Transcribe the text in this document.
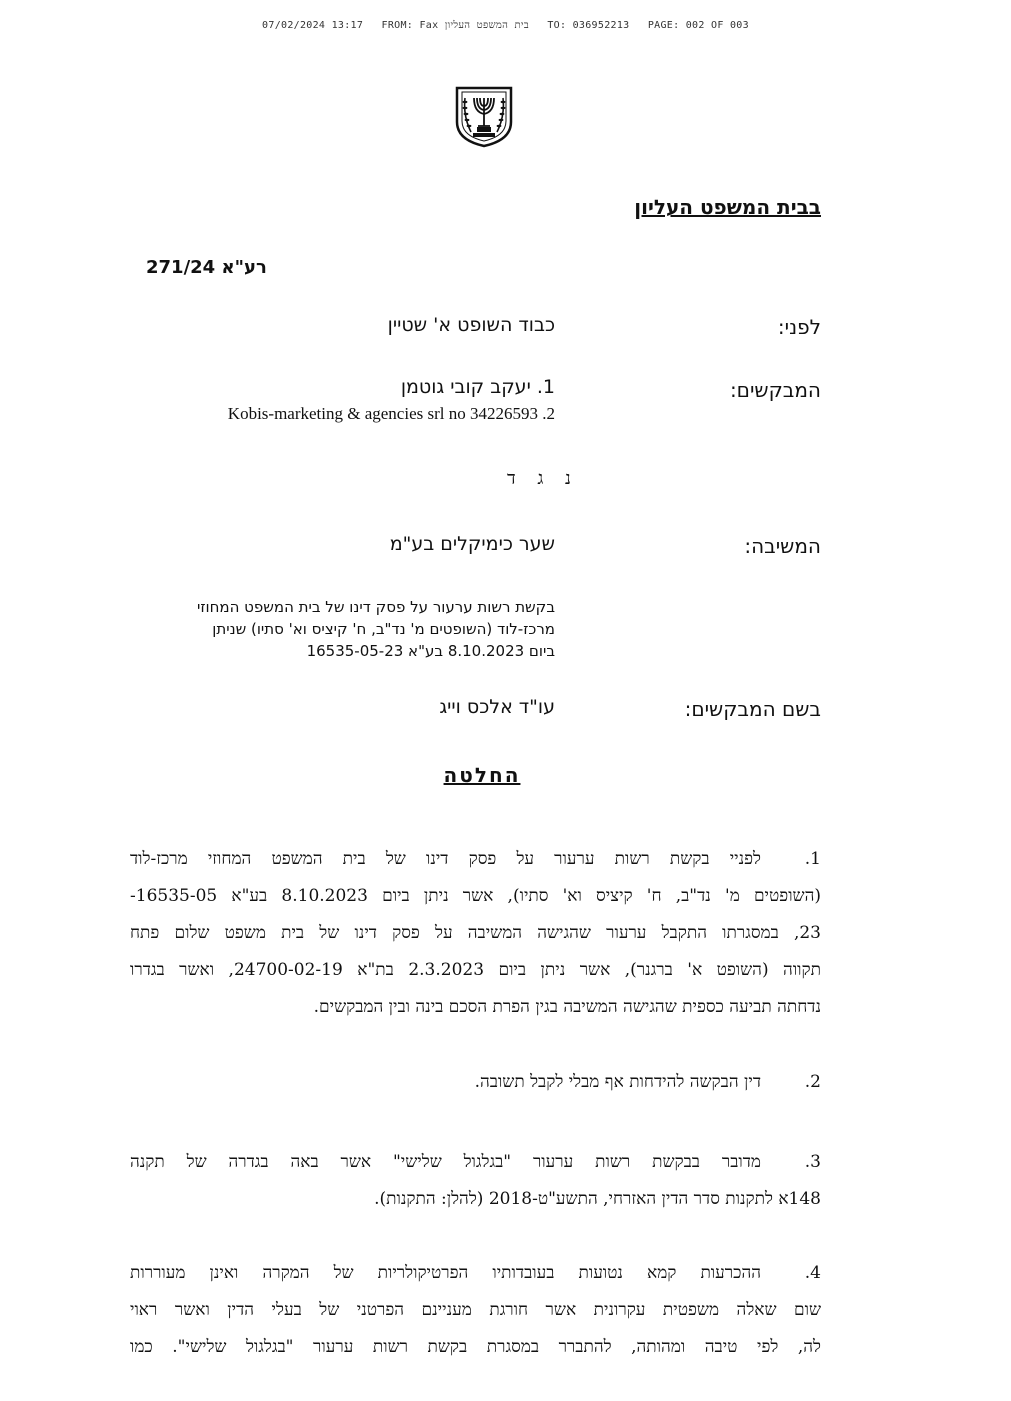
07/02/2024 13:17 FROM: Fax בית המשפט העליון TO: 036952213 PAGE: 002 OF 003
בבית המשפט העליון
רע"א 271/24
לפני:
כבוד השופט א' שטיין
המבקשים:
1. יעקב קובי גוטמן
Kobis-marketing & agencies srl no 34226593 .2
נ ג ד
המשיבה:
שער כימיקלים בע"מ
בקשת רשות ערעור על פסק דינו של בית המשפט המחוזי
מרכז-לוד (השופטים מ' נד"ב, ח' קיציס וא' סתיו) שניתן
ביום 8.10.2023 בע"א 16535-05-23
בשם המבקשים:
עו"ד אלכס וייג
החלטה
.1
לפניי בקשת רשות ערעור על פסק דינו של בית המשפט המחוזי מרכז-לוד
(השופטים מ' נד"ב, ח' קיציס וא' סתיו), אשר ניתן ביום 8.10.2023 בע"א 16535-05-
23, במסגרתו התקבל ערעור שהגישה המשיבה על פסק דינו של בית משפט שלום פתח
תקווה (השופט א' ברגנר), אשר ניתן ביום 2.3.2023 בת"א 24700-02-19, ואשר בגדרו
נדחתה תביעה כספית שהגישה המשיבה בגין הפרת הסכם בינה ובין המבקשים.
.2
דין הבקשה להידחות אף מבלי לקבל תשובה.
.3
מדובר בבקשת רשות ערעור "בגלגול שלישי" אשר באה בגדרה של תקנה
148א לתקנות סדר הדין האזרחי, התשע"ט-2018 (להלן: התקנות).
.4
ההכרעות קמא נטועות בעובדותיו הפרטיקולריות של המקרה ואינן מעוררות
שום שאלה משפטית עקרונית אשר חורגת מעניינם הפרטני של בעלי הדין ואשר ראוי
לה, לפי טיבה ומהותה, להתברר במסגרת בקשת רשות ערעור "בגלגול שלישי". כמו
